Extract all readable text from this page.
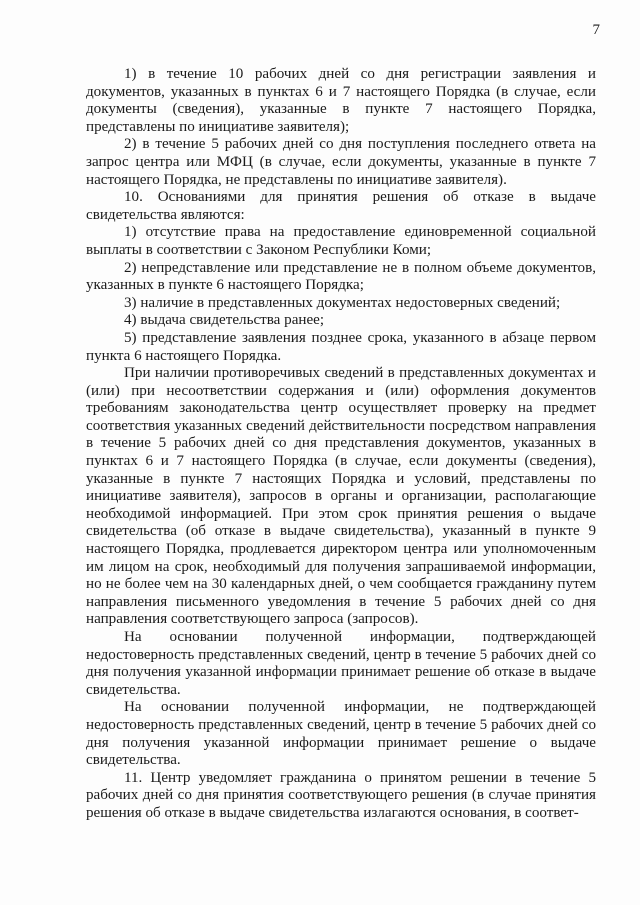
7

1) в течение 10 рабочих дней со дня регистрации заявления и документов, указанных в пунктах 6 и 7 настоящего Порядка (в случае, если документы (сведения), указанные в пункте 7 настоящего Порядка, представлены по инициативе заявителя);

2) в течение 5 рабочих дней со дня поступления последнего ответа на запрос центра или МФЦ (в случае, если документы, указанные в пункте 7 настоящего Порядка, не представлены по инициативе заявителя).

10. Основаниями для принятия решения об отказе в выдаче свидетельства являются:

1) отсутствие права на предоставление единовременной социальной выплаты в соответствии с Законом Республики Коми;

2) непредставление или представление не в полном объеме документов, указанных в пункте 6 настоящего Порядка;

3) наличие в представленных документах недостоверных сведений;

4) выдача свидетельства ранее;

5) представление заявления позднее срока, указанного в абзаце первом пункта 6 настоящего Порядка.

При наличии противоречивых сведений в представленных документах и (или) при несоответствии содержания и (или) оформления документов требованиям законодательства центр осуществляет проверку на предмет соответствия указанных сведений действительности посредством направления в течение 5 рабочих дней со дня представления документов, указанных в пунктах 6 и 7 настоящего Порядка (в случае, если документы (сведения), указанные в пункте 7 настоящих Порядка и условий, представлены по инициативе заявителя), запросов в органы и организации, располагающие необходимой информацией. При этом срок принятия решения о выдаче свидетельства (об отказе в выдаче свидетельства), указанный в пункте 9 настоящего Порядка, продлевается директором центра или уполномоченным им лицом на срок, необходимый для получения запрашиваемой информации, но не более чем на 30 календарных дней, о чем сообщается гражданину путем направления письменного уведомления в течение 5 рабочих дней со дня направления соответствующего запроса (запросов).

На основании полученной информации, подтверждающей недостоверность представленных сведений, центр в течение 5 рабочих дней со дня получения указанной информации принимает решение об отказе в выдаче свидетельства.

На основании полученной информации, не подтверждающей недостоверность представленных сведений, центр в течение 5 рабочих дней со дня получения указанной информации принимает решение о выдаче свидетельства.

11. Центр уведомляет гражданина о принятом решении в течение 5 рабочих дней со дня принятия соответствующего решения (в случае принятия решения об отказе в выдаче свидетельства излагаются основания, в соответ-
